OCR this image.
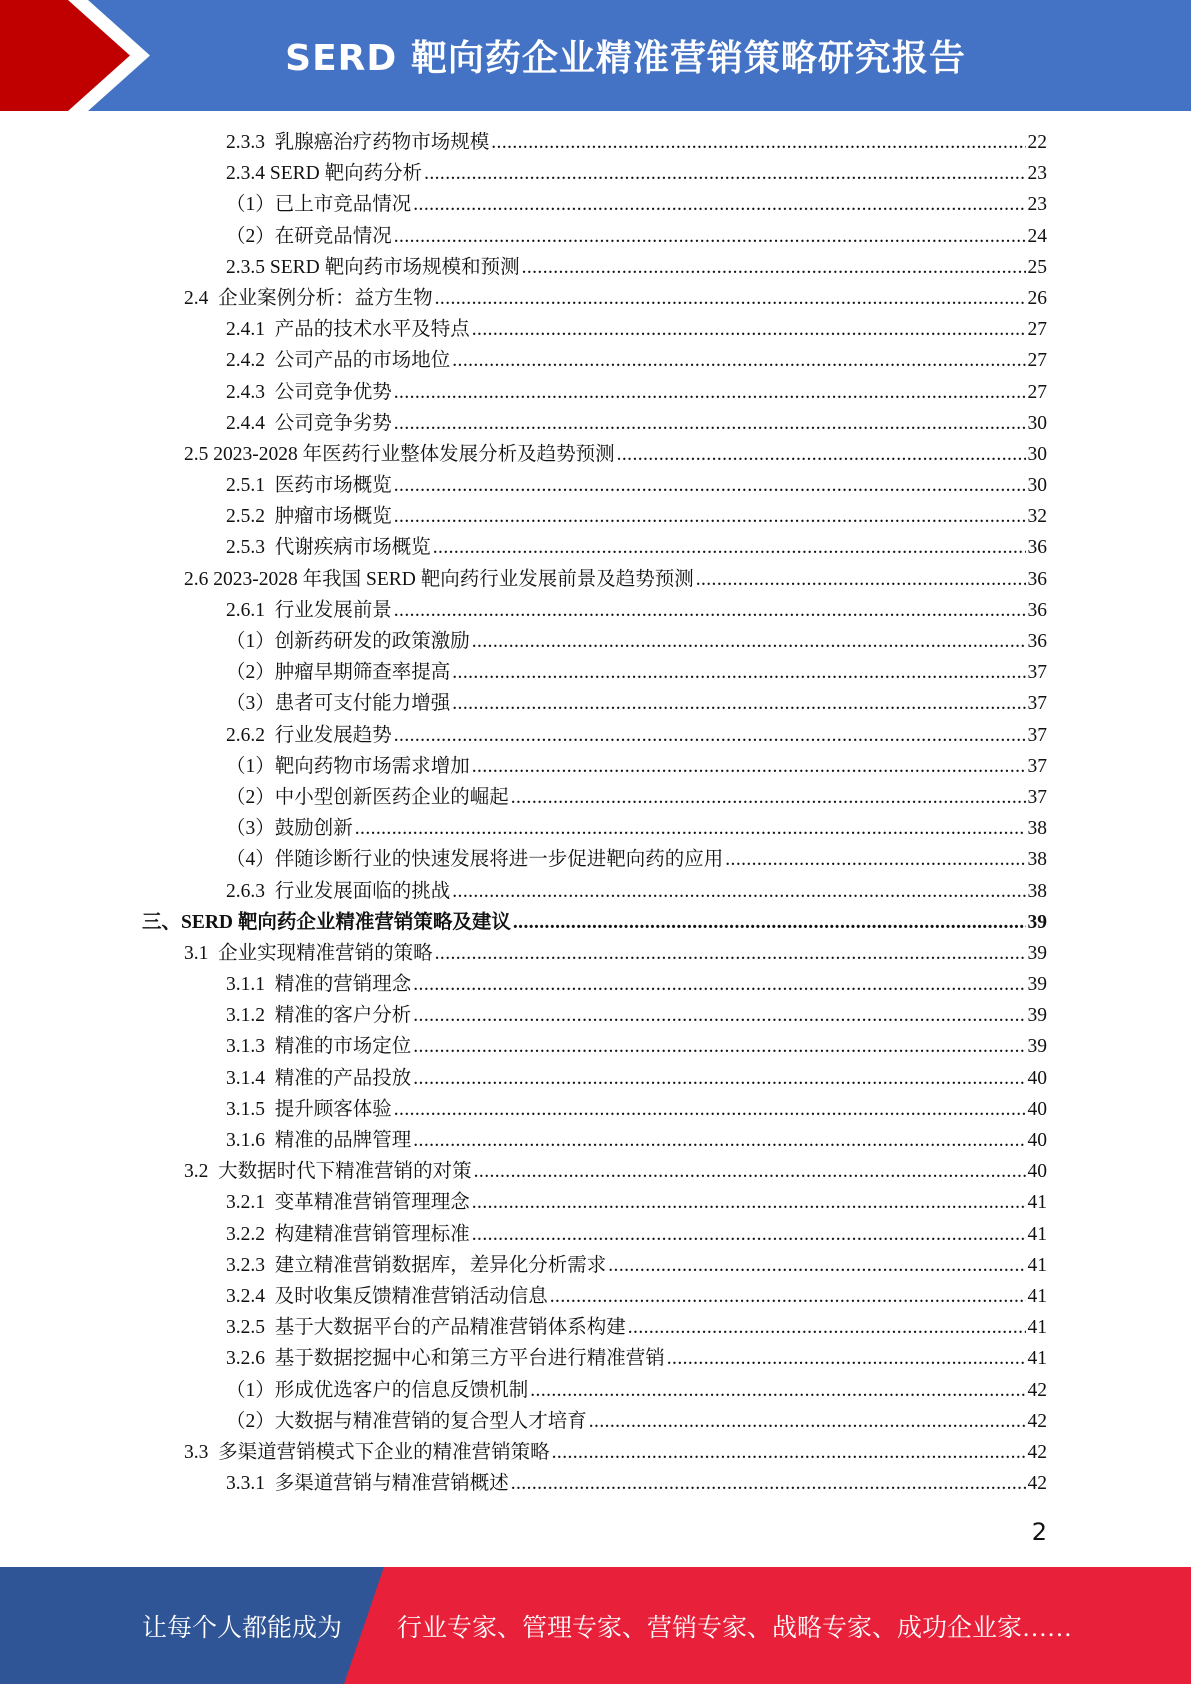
SERD 靶向药企业精准营销策略研究报告
2.3.3  乳腺癌治疗药物市场规模 .....	22
2.3.4 SERD 靶向药分析 .....	23
（1）已上市竞品情况 .....	23
（2）在研竞品情况 .....	24
2.3.5 SERD 靶向药市场规模和预测 .....	25
2.4  企业案例分析：益方生物 .....	26
2.4.1  产品的技术水平及特点 .....	27
2.4.2  公司产品的市场地位 .....	27
2.4.3  公司竞争优势 .....	27
2.4.4  公司竞争劣势 .....	30
2.5 2023-2028 年医药行业整体发展分析及趋势预测 .....	30
2.5.1  医药市场概览 .....	30
2.5.2  肿瘤市场概览 .....	32
2.5.3  代谢疾病市场概览 .....	36
2.6 2023-2028 年我国 SERD 靶向药行业发展前景及趋势预测 .....	36
2.6.1  行业发展前景 .....	36
（1）创新药研发的政策激励 .....	36
（2）肿瘤早期筛查率提高 .....	37
（3）患者可支付能力增强 .....	37
2.6.2  行业发展趋势 .....	37
（1）靶向药物市场需求增加 .....	37
（2）中小型创新医药企业的崛起 .....	37
（3）鼓励创新 .....	38
（4）伴随诊断行业的快速发展将进一步促进靶向药的应用 .....	38
2.6.3  行业发展面临的挑战 .....	38
三、SERD 靶向药企业精准营销策略及建议 .....	39
3.1  企业实现精准营销的策略 .....	39
3.1.1  精准的营销理念 .....	39
3.1.2  精准的客户分析 .....	39
3.1.3  精准的市场定位 .....	39
3.1.4  精准的产品投放 .....	40
3.1.5  提升顾客体验 .....	40
3.1.6  精准的品牌管理 .....	40
3.2  大数据时代下精准营销的对策 .....	40
3.2.1  变革精准营销管理理念 .....	41
3.2.2  构建精准营销管理标准 .....	41
3.2.3  建立精准营销数据库，差异化分析需求 .....	41
3.2.4  及时收集反馈精准营销活动信息 .....	41
3.2.5  基于大数据平台的产品精准营销体系构建 .....	41
3.2.6  基于数据挖掘中心和第三方平台进行精准营销 .....	41
（1）形成优选客户的信息反馈机制 .....	42
（2）大数据与精准营销的复合型人才培育 .....	42
3.3  多渠道营销模式下企业的精准营销策略 .....	42
3.3.1  多渠道营销与精准营销概述 .....	42
2
让每个人都能成为 行业专家、管理专家、营销专家、战略专家、成功企业家……
